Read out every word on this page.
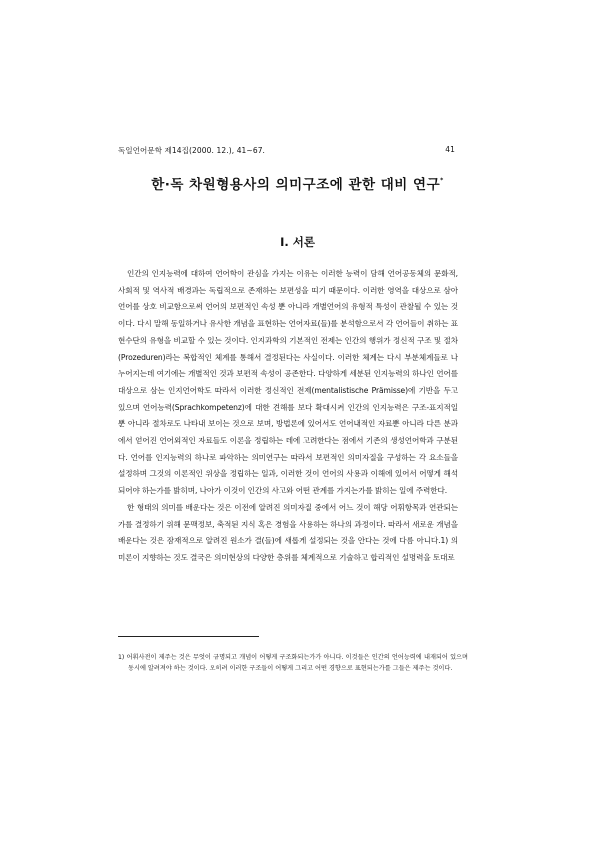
독일언어문학 제14집(2000. 12.), 41~67.	41
한·독 차원형용사의 의미구조에 관한 대비 연구*
I. 서론

인간의 인지능력에 대하여 언어학이 관심을 가지는 이유는 이러한 능력이 담해 언어공동체의 문화적, 사회적 및 역사적 배경과는 독립적으로 존재하는 보편성을 띠기 때문이다. 이러한 영역을 대상으로 삼아 언어를 상호 비교함으로써 언어의 보편적인 속성 뿐 아니라 개별언어의 유형적 특성이 관찰될 수 있는 것이다. 다시 말해 동일하거나 유사한 개념을 표현하는 언어자료(들)를 분석함으로서 각 언어들이 취하는 표현수단의 유형을 비교할 수 있는 것이다. 인지과학의 기본적인 전제는 인간의 행위가 정신적 구조 및 절차(Prozeduren)라는 복합적인 체계를 통해서 결정된다는 사실이다. 이러한 체계는 다시 부분체계들로 나누어지는데 여기에는 개별적인 것과 보편적 속성이 공존한다. 다양하게 세분된 인지능력의 하나인 언어를 대상으로 삼는 인지언어학도 따라서 이러한 정신적인 전제(mentalistische Prämisse)에 기반을 두고 있으며 언어능력(Sprachkompetenz)에 대한 견해를 보다 확대시켜 인간의 인지능력은 구조-표지적일 뿐 아니라 절차로도 나타내 보이는 것으로 보며, 방법론에 있어서도 언어내적인 자료뿐 아니라 다른 분과에서 얻어진 언어외적인 자료들도 이론을 정립하는 데에 고려한다는 점에서 기존의 생성언어학과 구분된다. 언어를 인지능력의 하나로 파악하는 의미연구는 따라서 보편적인 의미자질을 구성하는 각 요소들을 설정하며 그것의 이론적인 위상을 정립하는 일과, 이러한 것이 언어의 사용과 이해에 있어서 어떻게 해석되어야 하는가를 밝히며, 나아가 이것이 인간의 사고와 어떤 관계를 가지는가를 밝히는 일에 주력한다.

한 형태의 의미를 배운다는 것은 이전에 알려진 의미자질 중에서 어느 것이 해당 어휘항목과 연관되는가를 결정하기 위해 문맥정보, 축적된 지식 혹은 경험을 사용하는 하나의 과정이다. 따라서 새로운 개념을 배운다는 것은 잠재적으로 알려진 원소가 결(들)에 새롭게 설정되는 것을 안다는 것에 다름 아니다.1) 의미론이 지향하는 것도 결국은 의미현상의 다양한 층위를 체계적으로 기술하고 합리적인 설명력을 토대로

1) 어휘사전이 제주는 것은 무엇이 규명되고 개념이 어떻게 구조화되는가가 아니다. 이것들은 인간의 언어능력에 내재되어 있으며 동시에 알려져야 하는 것이다. 오히려 이러한 구조들이 어떻게 그리고 어떤 경향으로 표현되는가를 그들은 제주는 것이다.
